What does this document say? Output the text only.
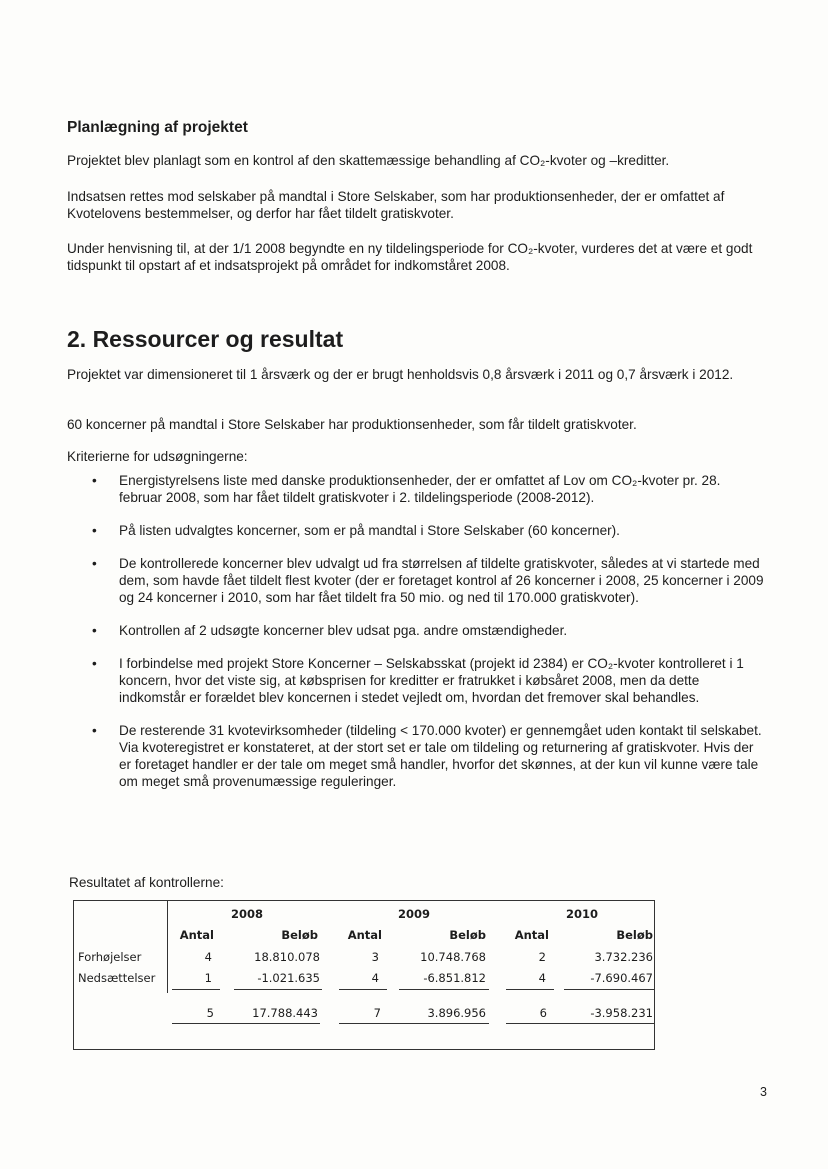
Planlægning af projektet

Projektet blev planlagt som en kontrol af den skattemæssige behandling af CO₂-kvoter og –kreditter.

Indsatsen rettes mod selskaber på mandtal i Store Selskaber, som har produktionsenheder, der er omfattet af Kvotelovens bestemmelser, og derfor har fået tildelt gratiskvoter.

Under henvisning til, at der 1/1 2008 begyndte en ny tildelingsperiode for CO₂-kvoter, vurderes det at være et godt tidspunkt til opstart af et indsatsprojekt på området for indkomståret 2008.

2. Ressourcer og resultat

Projektet var dimensioneret til 1 årsværk og der er brugt henholdsvis 0,8 årsværk i 2011 og 0,7 årsværk i 2012.

60 koncerner på mandtal i Store Selskaber har produktionsenheder, som får tildelt gratiskvoter.

Kriterierne for udsøgningerne:

• Energistyrelsens liste med danske produktionsenheder, der er omfattet af Lov om CO₂-kvoter pr. 28. februar 2008, som har fået tildelt gratiskvoter i 2. tildelingsperiode (2008-2012).
• På listen udvalgtes koncerner, som er på mandtal i Store Selskaber (60 koncerner).
• De kontrollerede koncerner blev udvalgt ud fra størrelsen af tildelte gratiskvoter, således at vi startede med dem, som havde fået tildelt flest kvoter (der er foretaget kontrol af 26 koncerner i 2008, 25 koncerner i 2009 og 24 koncerner i 2010, som har fået tildelt fra 50 mio. og ned til 170.000 gratiskvoter).
• Kontrollen af 2 udsøgte koncerner blev udsat pga. andre omstændigheder.
• I forbindelse med projekt Store Koncerner – Selskabsskat (projekt id 2384) er CO₂-kvoter kontrolleret i 1 koncern, hvor det viste sig, at købsprisen for kreditter er fratrukket i købsåret 2008, men da dette indkomstår er forældet blev koncernen i stedet vejledt om, hvordan det fremover skal behandles.
• De resterende 31 kvotevirksomheder (tildeling < 170.000 kvoter) er gennemgået uden kontakt til selskabet. Via kvoteregistret er konstateret, at der stort set er tale om tildeling og returnering af gratiskvoter. Hvis der er foretaget handler er der tale om meget små handler, hvorfor det skønnes, at der kun vil kunne være tale om meget små provenumæssige reguleringer.

Resultatet af kontrollerne:

2008	2009	2010
Antal	Beløb	Antal	Beløb	Antal	Beløb
Forhøjelser	4	18.810.078	3	10.748.768	2	3.732.236
Nedsættelser	1	-1.021.635	4	-6.851.812	4	-7.690.467
5	17.788.443	7	3.896.956	6	-3.958.231
3
